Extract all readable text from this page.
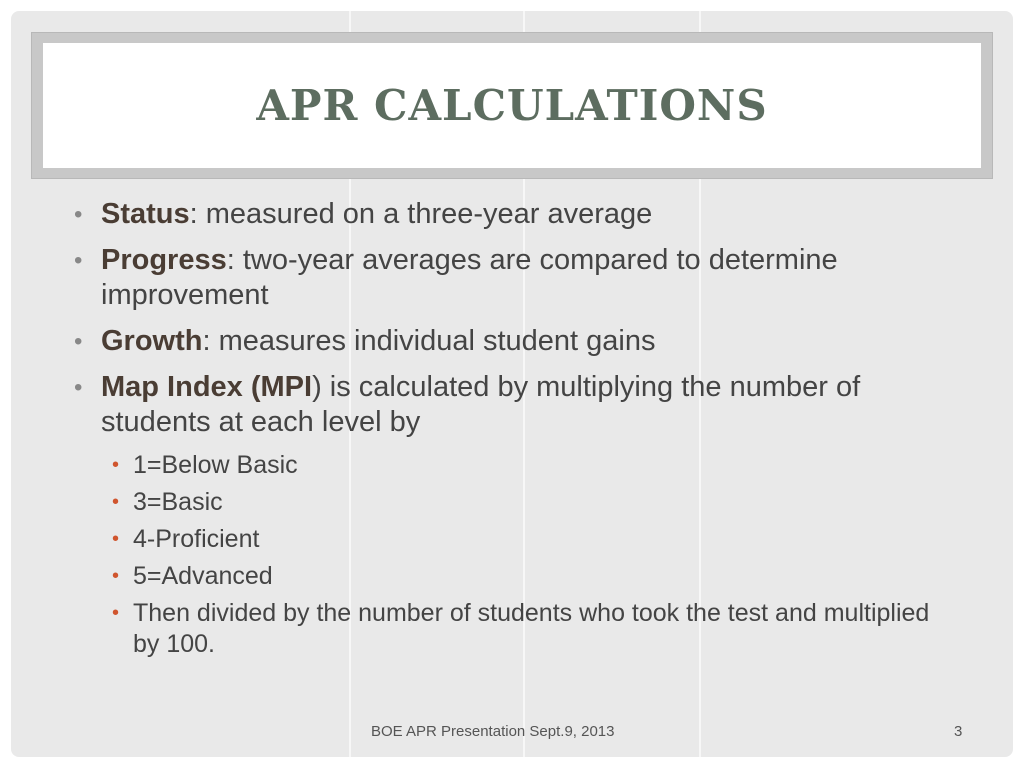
APR CALCULATIONS
• Status: measured on a three-year average
• Progress: two-year averages are compared to determine improvement
• Growth: measures individual student gains
• Map Index (MPI) is calculated by multiplying the number of students at each level by
• 1=Below Basic
• 3=Basic
• 4-Proficient
• 5=Advanced
• Then divided by the number of students who took the test and multiplied by 100.
BOE APR Presentation Sept.9, 2013	3
